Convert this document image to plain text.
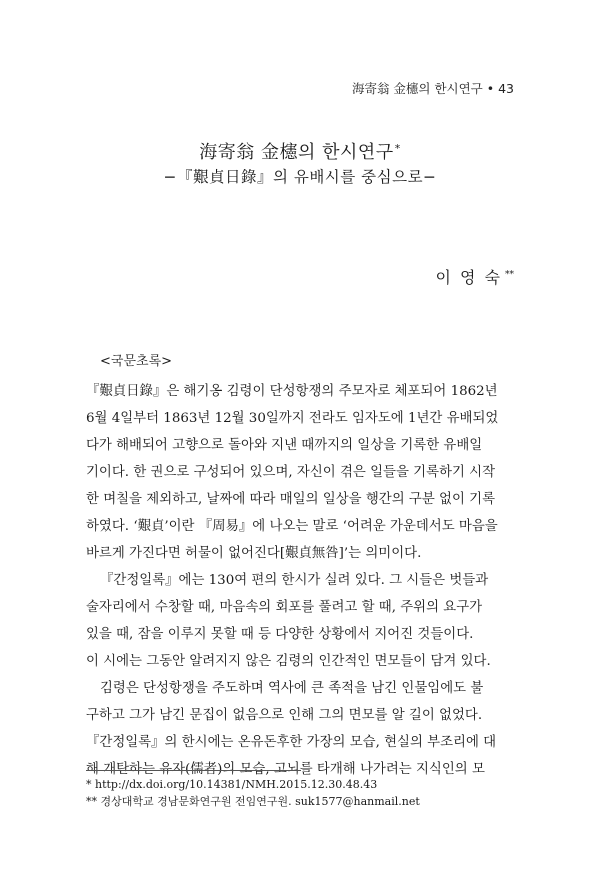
海寄翁 金櫶의 한시연구 • 43
海寄翁 金櫶의 한시연구*
−『艱貞日錄』의 유배시를 중심으로−
이 영 숙 **
<국문초록>
『艱貞日錄』은 해기옹 김령이 단성항쟁의 주모자로 체포되어 1862년
6월 4일부터 1863년 12월 30일까지 전라도 임자도에 1년간 유배되었
다가 해배되어 고향으로 돌아와 지낸 때까지의 일상을 기록한 유배일
기이다. 한 권으로 구성되어 있으며, 자신이 겪은 일들을 기록하기 시작
한 며칠을 제외하고, 날짜에 따라 매일의 일상을 행간의 구분 없이 기록
하였다. ‘艱貞’이란 『周易』에 나오는 말로 ‘어려운 가운데서도 마음을
바르게 가진다면 허물이 없어진다[艱貞無咎]’는 의미이다.
『간정일록』에는 130여 편의 한시가 실려 있다. 그 시들은 벗들과
술자리에서 수창할 때, 마음속의 회포를 풀려고 할 때, 주위의 요구가
있을 때, 잠을 이루지 못할 때 등 다양한 상황에서 지어진 것들이다.
이 시에는 그동안 알려지지 않은 김령의 인간적인 면모들이 담겨 있다.
김령은 단성항쟁을 주도하며 역사에 큰 족적을 남긴 인물임에도 불
구하고 그가 남긴 문집이 없음으로 인해 그의 면모를 알 길이 없었다.
『간정일록』의 한시에는 온유돈후한 가장의 모습, 현실의 부조리에 대
해 개탄하는 유자(儒者)의 모습, 고뇌를 타개해 나가려는 지식인의 모
* http://dx.doi.org/10.14381/NMH.2015.12.30.48.43
** 경상대학교 경남문화연구원 전임연구원. suk1577@hanmail.net
